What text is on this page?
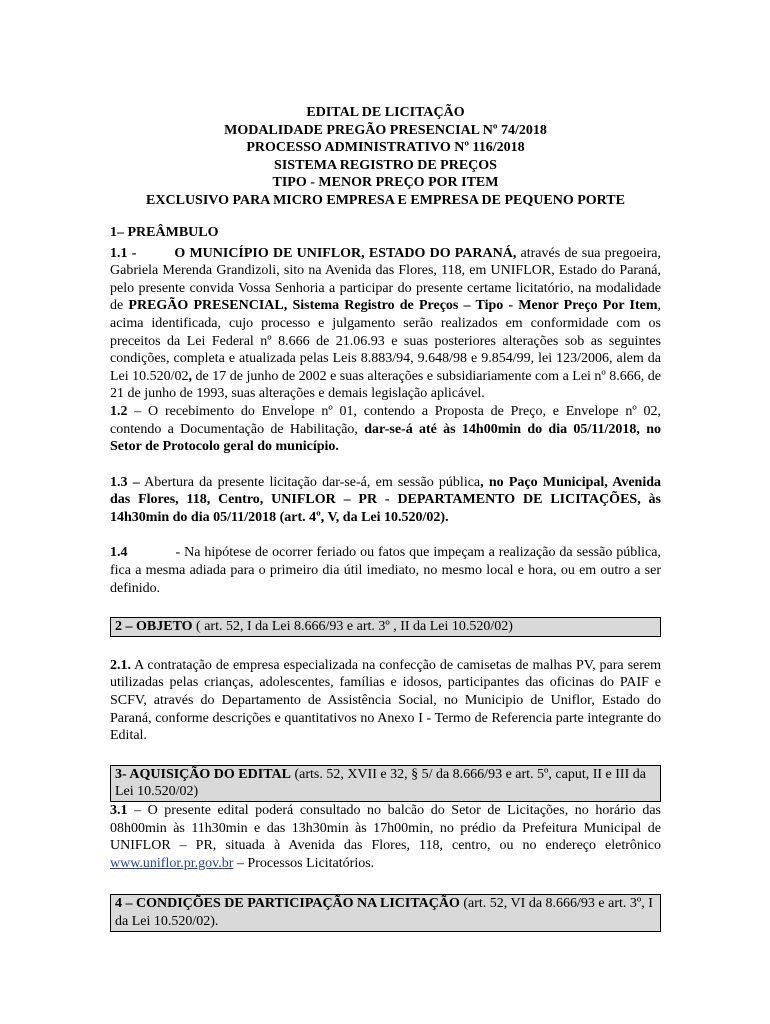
EDITAL DE LICITAÇÃO
MODALIDADE PREGÃO PRESENCIAL Nº 74/2018
PROCESSO ADMINISTRATIVO Nº 116/2018
SISTEMA REGISTRO DE PREÇOS
TIPO - MENOR PREÇO POR ITEM
EXCLUSIVO PARA MICRO EMPRESA E EMPRESA DE PEQUENO PORTE
1– PREÂMBULO

1.1 -	O MUNICÍPIO DE UNIFLOR, ESTADO DO PARANÁ, através de sua pregoeira, Gabriela Merenda Grandizoli, sito na Avenida das Flores, 118, em UNIFLOR, Estado do Paraná, pelo presente convida Vossa Senhoria a participar do presente certame licitatório, na modalidade de PREGÃO PRESENCIAL, Sistema Registro de Preços – Tipo - Menor Preço Por Item, acima identificada, cujo processo e julgamento serão realizados em conformidade com os preceitos da Lei Federal nº 8.666 de 21.06.93 e suas posteriores alterações sob as seguintes condições, completa e atualizada pelas Leis 8.883/94, 9.648/98 e 9.854/99, lei 123/2006, alem da Lei 10.520/02, de 17 de junho de 2002 e suas alterações e subsidiariamente com a Lei nº 8.666, de 21 de junho de 1993, suas alterações e demais legislação aplicável.

1.2 – O recebimento do Envelope nº 01, contendo a Proposta de Preço, e Envelope nº 02, contendo a Documentação de Habilitação, dar-se-á até às 14h00min do dia 05/11/2018, no Setor de Protocolo geral do município.

1.3 – Abertura da presente licitação dar-se-á, em sessão pública, no Paço Municipal, Avenida das Flores, 118, Centro, UNIFLOR – PR - DEPARTAMENTO DE LICITAÇÕES, às 14h30min do dia 05/11/2018 (art. 4º, V, da Lei 10.520/02).

1.4	- Na hipótese de ocorrer feriado ou fatos que impeçam a realização da sessão pública, fica a mesma adiada para o primeiro dia útil imediato, no mesmo local e hora, ou em outro a ser definido.

2 – OBJETO ( art. 52, I da Lei 8.666/93 e art. 3º , II da Lei 10.520/02)

2.1. A contratação de empresa especializada na confecção de camisetas de malhas PV, para serem utilizadas pelas crianças, adolescentes, famílias e idosos, participantes das oficinas do PAIF e SCFV, através do Departamento de Assistência Social, no Municipio de Uniflor, Estado do Paraná, conforme descrições e quantitativos no Anexo I - Termo de Referencia parte integrante do Edital.

3- AQUISIÇÃO DO EDITAL (arts. 52, XVII e 32, § 5/ da 8.666/93 e art. 5º, caput, II e III da Lei 10.520/02)

3.1 – O presente edital poderá consultado no balcão do Setor de Licitações, no horário das 08h00min às 11h30min e das 13h30min às 17h00min, no prédio da Prefeitura Municipal de UNIFLOR – PR, situada à Avenida das Flores, 118, centro, ou no endereço eletrônico www.uniflor.pr.gov.br – Processos Licitatórios.

4 – CONDIÇÕES DE PARTICIPAÇÃO NA LICITAÇÃO (art. 52, VI da 8.666/93 e art. 3º, I da Lei 10.520/02).
